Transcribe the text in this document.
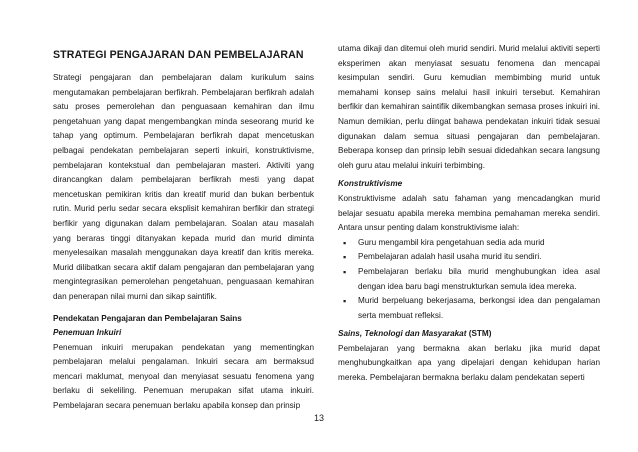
STRATEGI PENGAJARAN DAN PEMBELAJARAN

Strategi pengajaran dan pembelajaran dalam kurikulum sains mengutamakan pembelajaran berfikrah. Pembelajaran berfikrah adalah satu proses pemerolehan dan penguasaan kemahiran dan ilmu pengetahuan yang dapat mengembangkan minda seseorang murid ke tahap yang optimum. Pembelajaran berfikrah dapat mencetuskan pelbagai pendekatan pembelajaran seperti inkuiri, konstruktivisme, pembelajaran kontekstual dan pembelajaran masteri. Aktiviti yang dirancangkan dalam pembelajaran berfikrah mesti yang dapat mencetuskan pemikiran kritis dan kreatif murid dan bukan berbentuk rutin. Murid perlu sedar secara eksplisit kemahiran berfikir dan strategi berfikir yang digunakan dalam pembelajaran. Soalan atau masalah yang beraras tinggi ditanyakan kepada murid dan murid diminta menyelesaikan masalah menggunakan daya kreatif dan kritis mereka. Murid dilibatkan secara aktif dalam pengajaran dan pembelajaran yang mengintegrasikan pemerolehan pengetahuan, penguasaan kemahiran dan penerapan nilai murni dan sikap saintifik.

Pendekatan Pengajaran dan Pembelajaran Sains

Penemuan Inkuiri

Penemuan inkuiri merupakan pendekatan yang mementingkan pembelajaran melalui pengalaman. Inkuiri secara am bermaksud mencari maklumat, menyoal dan menyiasat sesuatu fenomena yang berlaku di sekeliling. Penemuan merupakan sifat utama inkuiri. Pembelajaran secara penemuan berlaku apabila konsep dan prinsip

utama dikaji dan ditemui oleh murid sendiri. Murid melalui aktiviti seperti eksperimen akan menyiasat sesuatu fenomena dan mencapai kesimpulan sendiri. Guru kemudian membimbing murid untuk memahami konsep sains melalui hasil inkuiri tersebut. Kemahiran berfikir dan kemahiran saintifik dikembangkan semasa proses inkuiri ini. Namun demikian, perlu diingat bahawa pendekatan inkuiri tidak sesuai digunakan dalam semua situasi pengajaran dan pembelajaran. Beberapa konsep dan prinsip lebih sesuai didedahkan secara langsung oleh guru atau melalui inkuiri terbimbing.

Konstruktivisme

Konstruktivisme adalah satu fahaman yang mencadangkan murid belajar sesuatu apabila mereka membina pemahaman mereka sendiri. Antara unsur penting dalam konstruktivisme ialah:

▪ Guru mengambil kira pengetahuan sedia ada murid
▪ Pembelajaran adalah hasil usaha murid itu sendiri.
▪ Pembelajaran berlaku bila murid menghubungkan idea asal dengan idea baru bagi menstrukturkan semula idea mereka.
▪ Murid berpeluang bekerjasama, berkongsi idea dan pengalaman serta membuat refleksi.

Sains, Teknologi dan Masyarakat (STM)

Pembelajaran yang bermakna akan berlaku jika murid dapat menghubungkaitkan apa yang dipelajari dengan kehidupan harian mereka. Pembelajaran bermakna berlaku dalam pendekatan seperti

13
